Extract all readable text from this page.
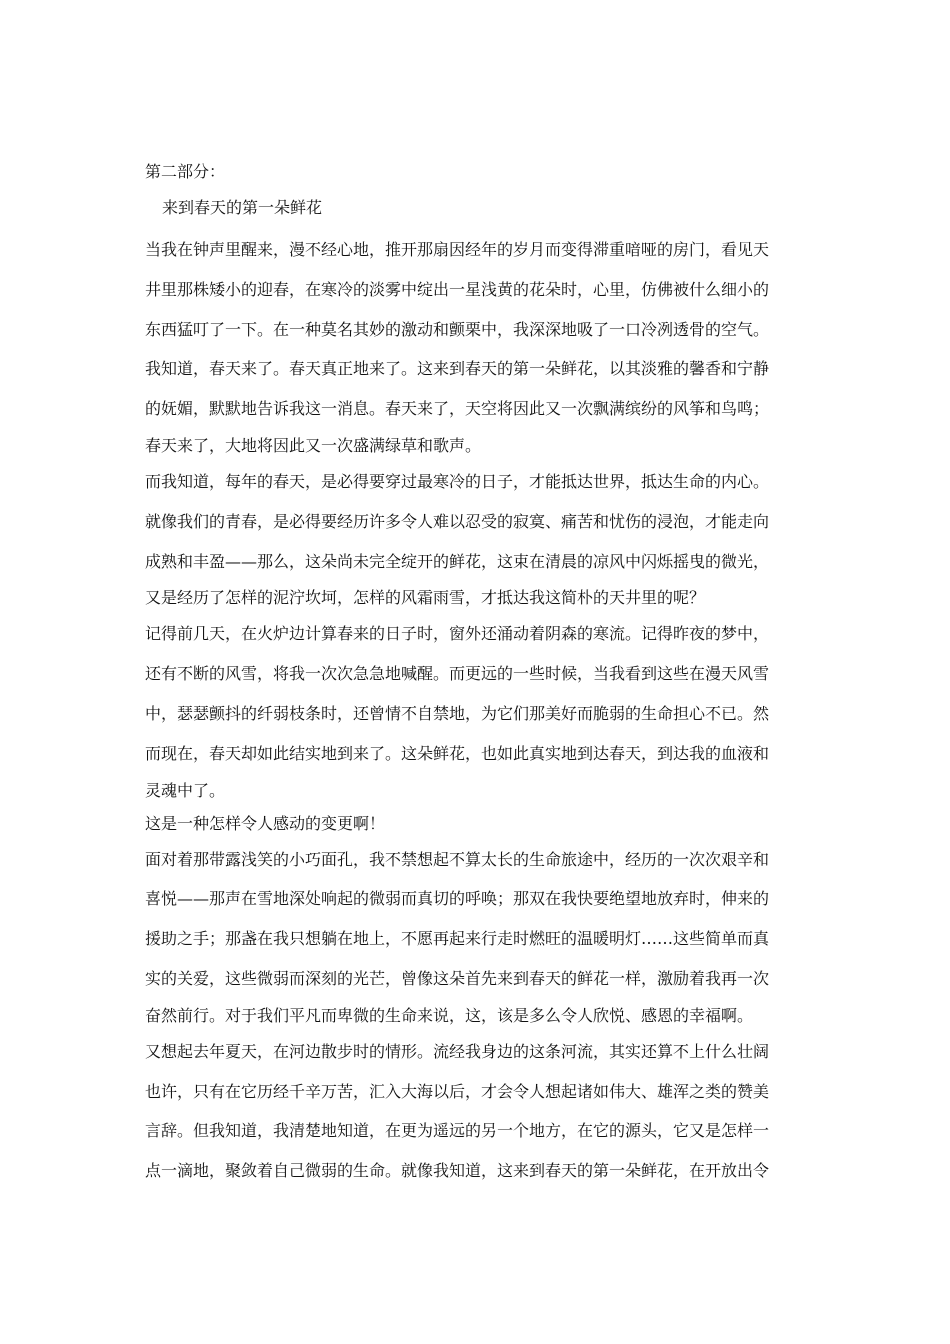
第二部分：
来到春天的第一朵鲜花
当我在钟声里醒来，漫不经心地，推开那扇因经年的岁月而变得滞重喑哑的房门，看见天
井里那株矮小的迎春，在寒冷的淡雾中绽出一星浅黄的花朵时，心里，仿佛被什么细小的
东西猛叮了一下。在一种莫名其妙的激动和颤栗中，我深深地吸了一口冷冽透骨的空气。
我知道，春天来了。春天真正地来了。这来到春天的第一朵鲜花，以其淡雅的馨香和宁静
的妩媚，默默地告诉我这一消息。春天来了，天空将因此又一次飘满缤纷的风筝和鸟鸣；
春天来了，大地将因此又一次盛满绿草和歌声。
而我知道，每年的春天，是必得要穿过最寒冷的日子，才能抵达世界，抵达生命的内心。
就像我们的青春，是必得要经历许多令人难以忍受的寂寞、痛苦和忧伤的浸泡，才能走向
成熟和丰盈——那么，这朵尚未完全绽开的鲜花，这束在清晨的凉风中闪烁摇曳的微光，
又是经历了怎样的泥泞坎坷，怎样的风霜雨雪，才抵达我这简朴的天井里的呢？
记得前几天，在火炉边计算春来的日子时，窗外还涌动着阴森的寒流。记得昨夜的梦中，
还有不断的风雪，将我一次次急急地喊醒。而更远的一些时候，当我看到这些在漫天风雪
中，瑟瑟颤抖的纤弱枝条时，还曾情不自禁地，为它们那美好而脆弱的生命担心不已。然
而现在，春天却如此结实地到来了。这朵鲜花，也如此真实地到达春天，到达我的血液和
灵魂中了。
这是一种怎样令人感动的变更啊！
面对着那带露浅笑的小巧面孔，我不禁想起不算太长的生命旅途中，经历的一次次艰辛和
喜悦——那声在雪地深处响起的微弱而真切的呼唤；那双在我快要绝望地放弃时，伸来的
援助之手；那盏在我只想躺在地上，不愿再起来行走时燃旺的温暖明灯……这些简单而真
实的关爱，这些微弱而深刻的光芒，曾像这朵首先来到春天的鲜花一样，激励着我再一次
奋然前行。对于我们平凡而卑微的生命来说，这，该是多么令人欣悦、感恩的幸福啊。
又想起去年夏天，在河边散步时的情形。流经我身边的这条河流，其实还算不上什么壮阔
也许，只有在它历经千辛万苦，汇入大海以后，才会令人想起诸如伟大、雄浑之类的赞美
言辞。但我知道，我清楚地知道，在更为遥远的另一个地方，在它的源头，它又是怎样一
点一滴地，聚敛着自己微弱的生命。就像我知道，这来到春天的第一朵鲜花，在开放出令
